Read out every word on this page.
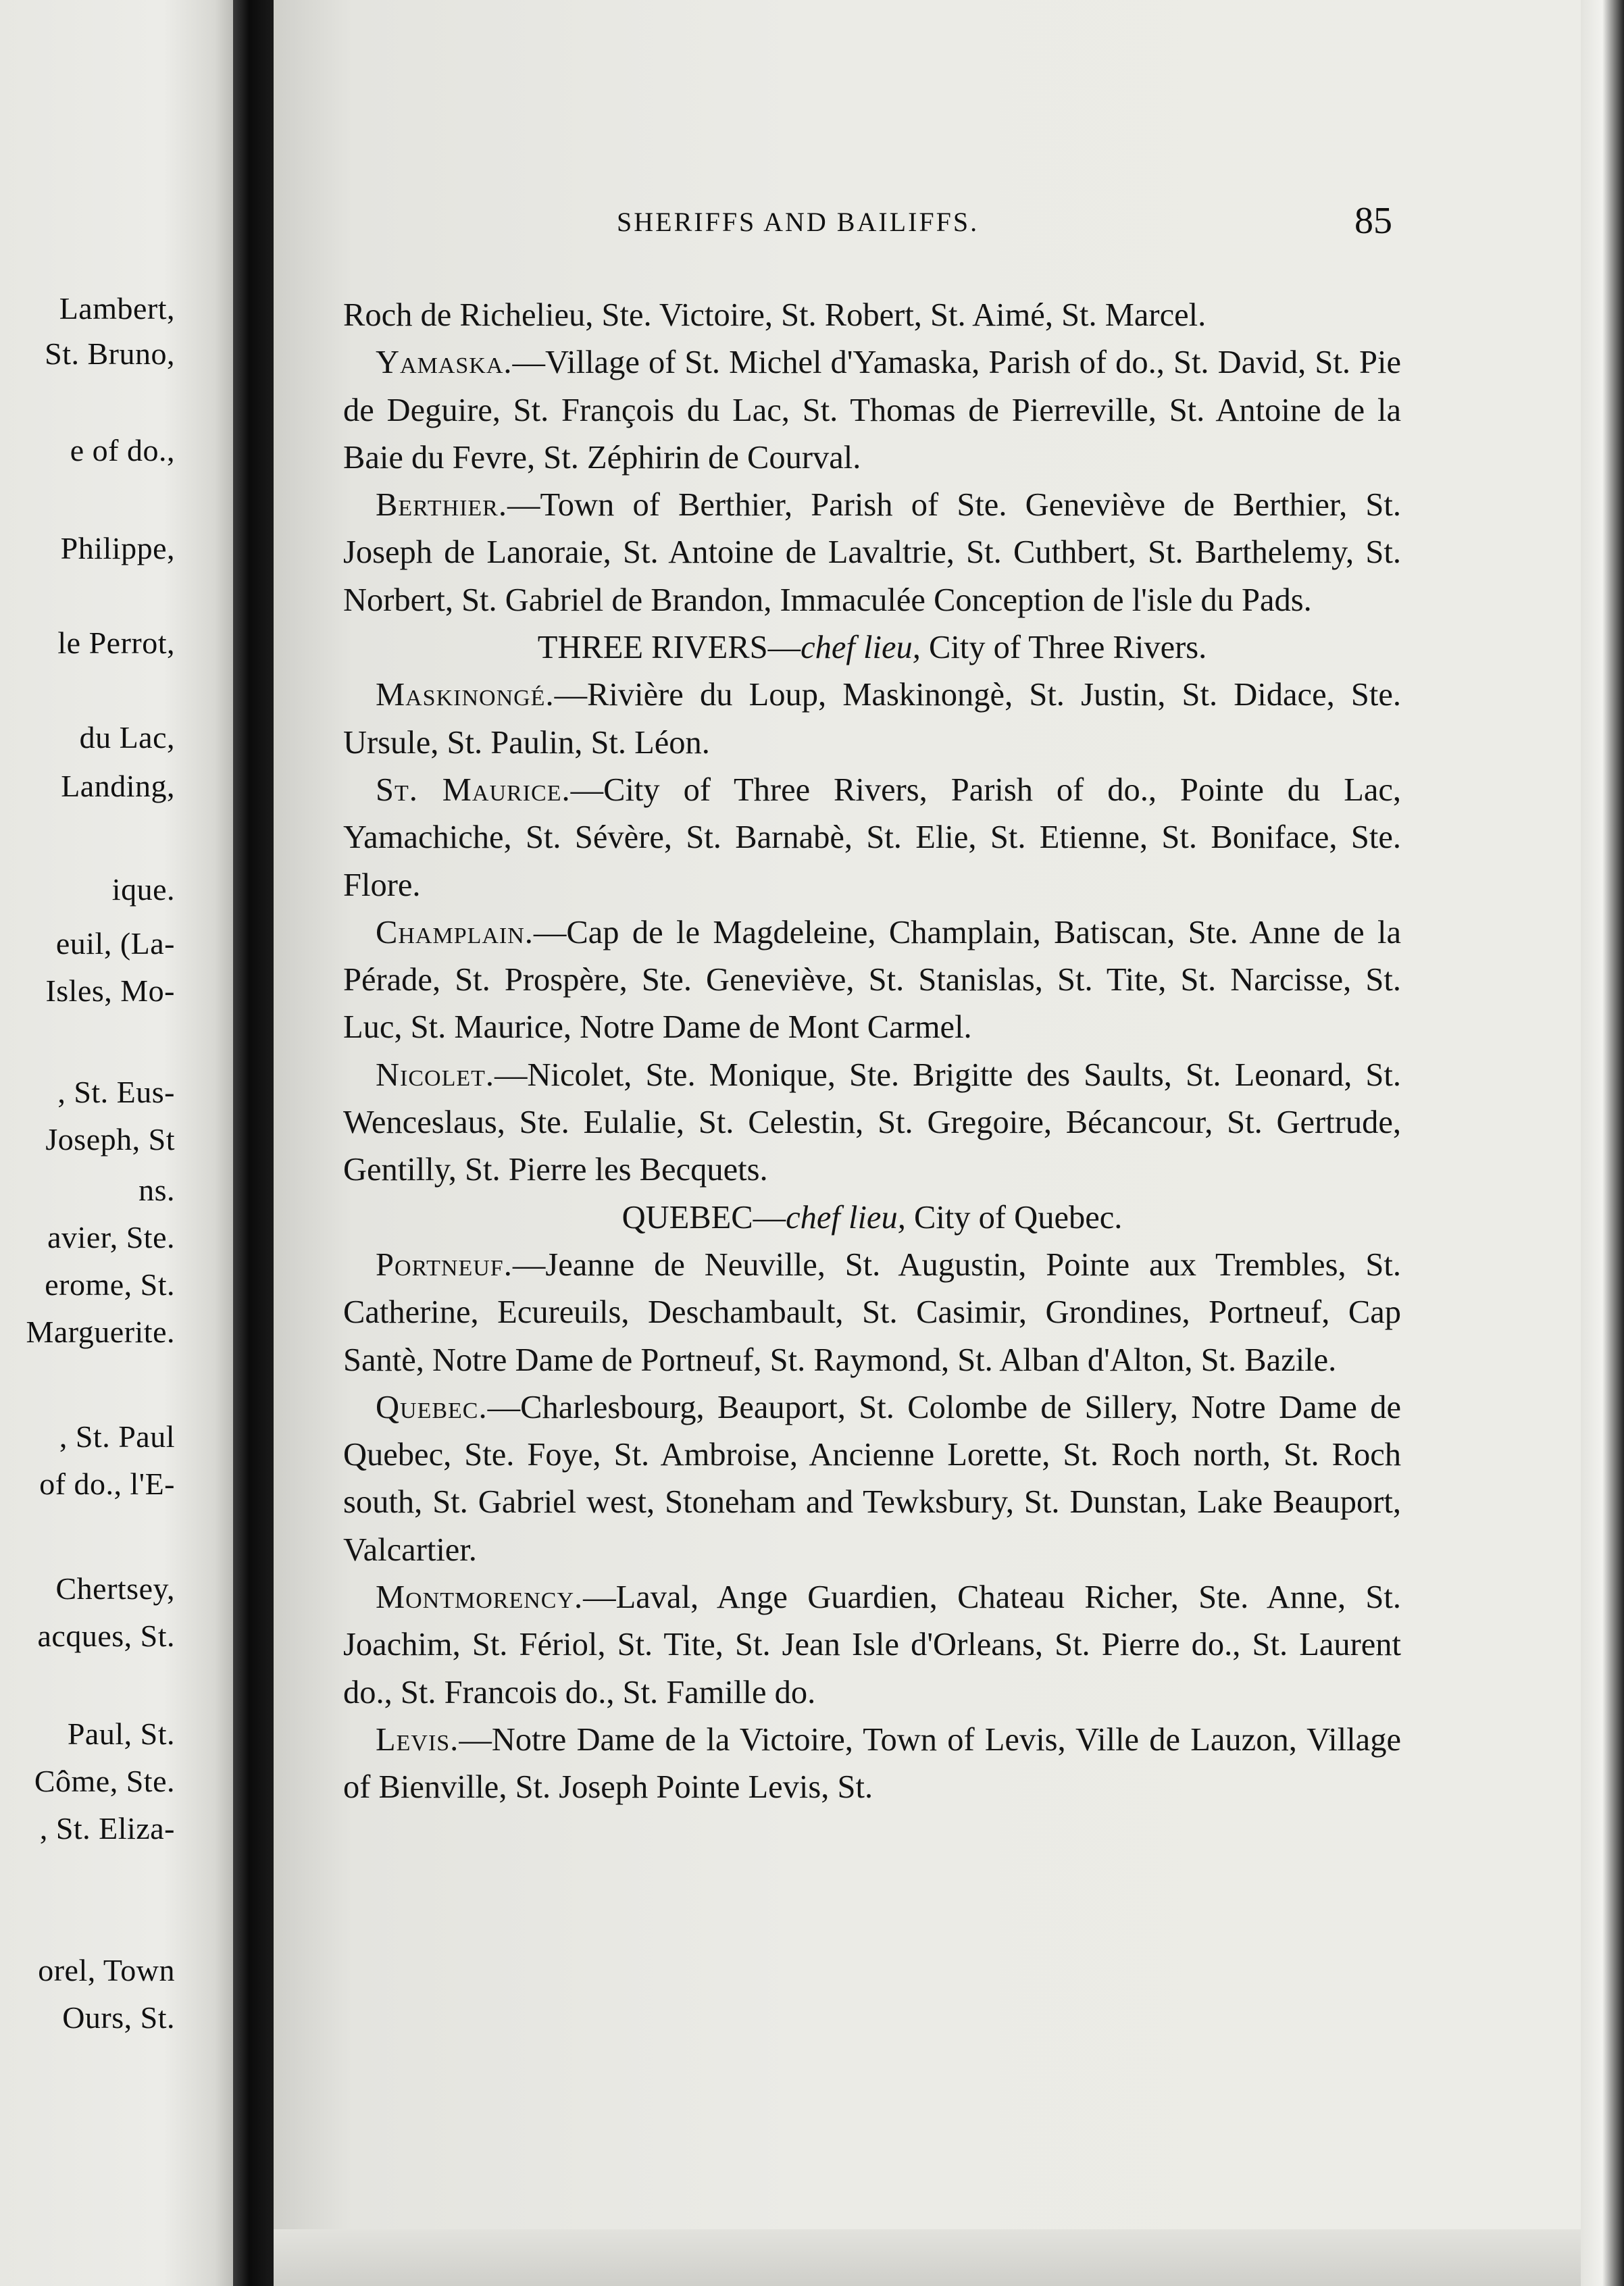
Lambert,
St. Bruno,
e of do.,
Philippe,
le Perrot,
du Lac,
Landing,
ique.
euil, (La-
Isles, Mo-
, St. Eus-
Joseph, St
ns.
avier, Ste.
erome, St.
Marguerite.
, St. Paul
of do., l'E-
Chertsey,
acques, St.
Paul, St.
Côme, Ste.
, St. Eliza-
orel, Town
Ours, St.
SHERIFFS AND BAILIFFS.	85

Roch de Richelieu, Ste. Victoire, St. Robert, St. Aimé, St. Marcel.

Yamaska.—Village of St. Michel d'Yamaska, Parish of do., St. David, St. Pie de Deguire, St. François du Lac, St. Thomas de Pierreville, St. Antoine de la Baie du Fevre, St. Zéphirin de Courval.

Berthier.—Town of Berthier, Parish of Ste. Geneviève de Berthier, St. Joseph de Lanoraie, St. Antoine de Lavaltrie, St. Cuthbert, St. Barthelemy, St. Norbert, St. Gabriel de Brandon, Immaculée Conception de l'isle du Pads.

THREE RIVERS—chef lieu, City of Three Rivers.

Maskinongé.—Rivière du Loup, Maskinongè, St. Justin, St. Didace, Ste. Ursule, St. Paulin, St. Léon.

St. Maurice.—City of Three Rivers, Parish of do., Pointe du Lac, Yamachiche, St. Sévère, St. Barnabè, St. Elie, St. Etienne, St. Boniface, Ste. Flore.

Champlain.—Cap de le Magdeleine, Champlain, Batiscan, Ste. Anne de la Pérade, St. Prospère, Ste. Geneviève, St. Stanislas, St. Tite, St. Narcisse, St. Luc, St. Maurice, Notre Dame de Mont Carmel.

Nicolet.—Nicolet, Ste. Monique, Ste. Brigitte des Saults, St. Leonard, St. Wenceslaus, Ste. Eulalie, St. Celestin, St. Gregoire, Bécancour, St. Gertrude, Gentilly, St. Pierre les Becquets.

QUEBEC—chef lieu, City of Quebec.

Portneuf.—Jeanne de Neuville, St. Augustin, Pointe aux Trembles, St. Catherine, Ecureuils, Deschambault, St. Casimir, Grondines, Portneuf, Cap Santè, Notre Dame de Portneuf, St. Raymond, St. Alban d'Alton, St. Bazile.

Quebec.—Charlesbourg, Beauport, St. Colombe de Sillery, Notre Dame de Quebec, Ste. Foye, St. Ambroise, Ancienne Lorette, St. Roch north, St. Roch south, St. Gabriel west, Stoneham and Tewksbury, St. Dunstan, Lake Beauport, Valcartier.

Montmorency.—Laval, Ange Guardien, Chateau Richer, Ste. Anne, St. Joachim, St. Fériol, St. Tite, St. Jean Isle d'Orleans, St. Pierre do., St. Laurent do., St. Francois do., St. Famille do.

Levis.—Notre Dame de la Victoire, Town of Levis, Ville de Lauzon, Village of Bienville, St. Joseph Pointe Levis, St.
